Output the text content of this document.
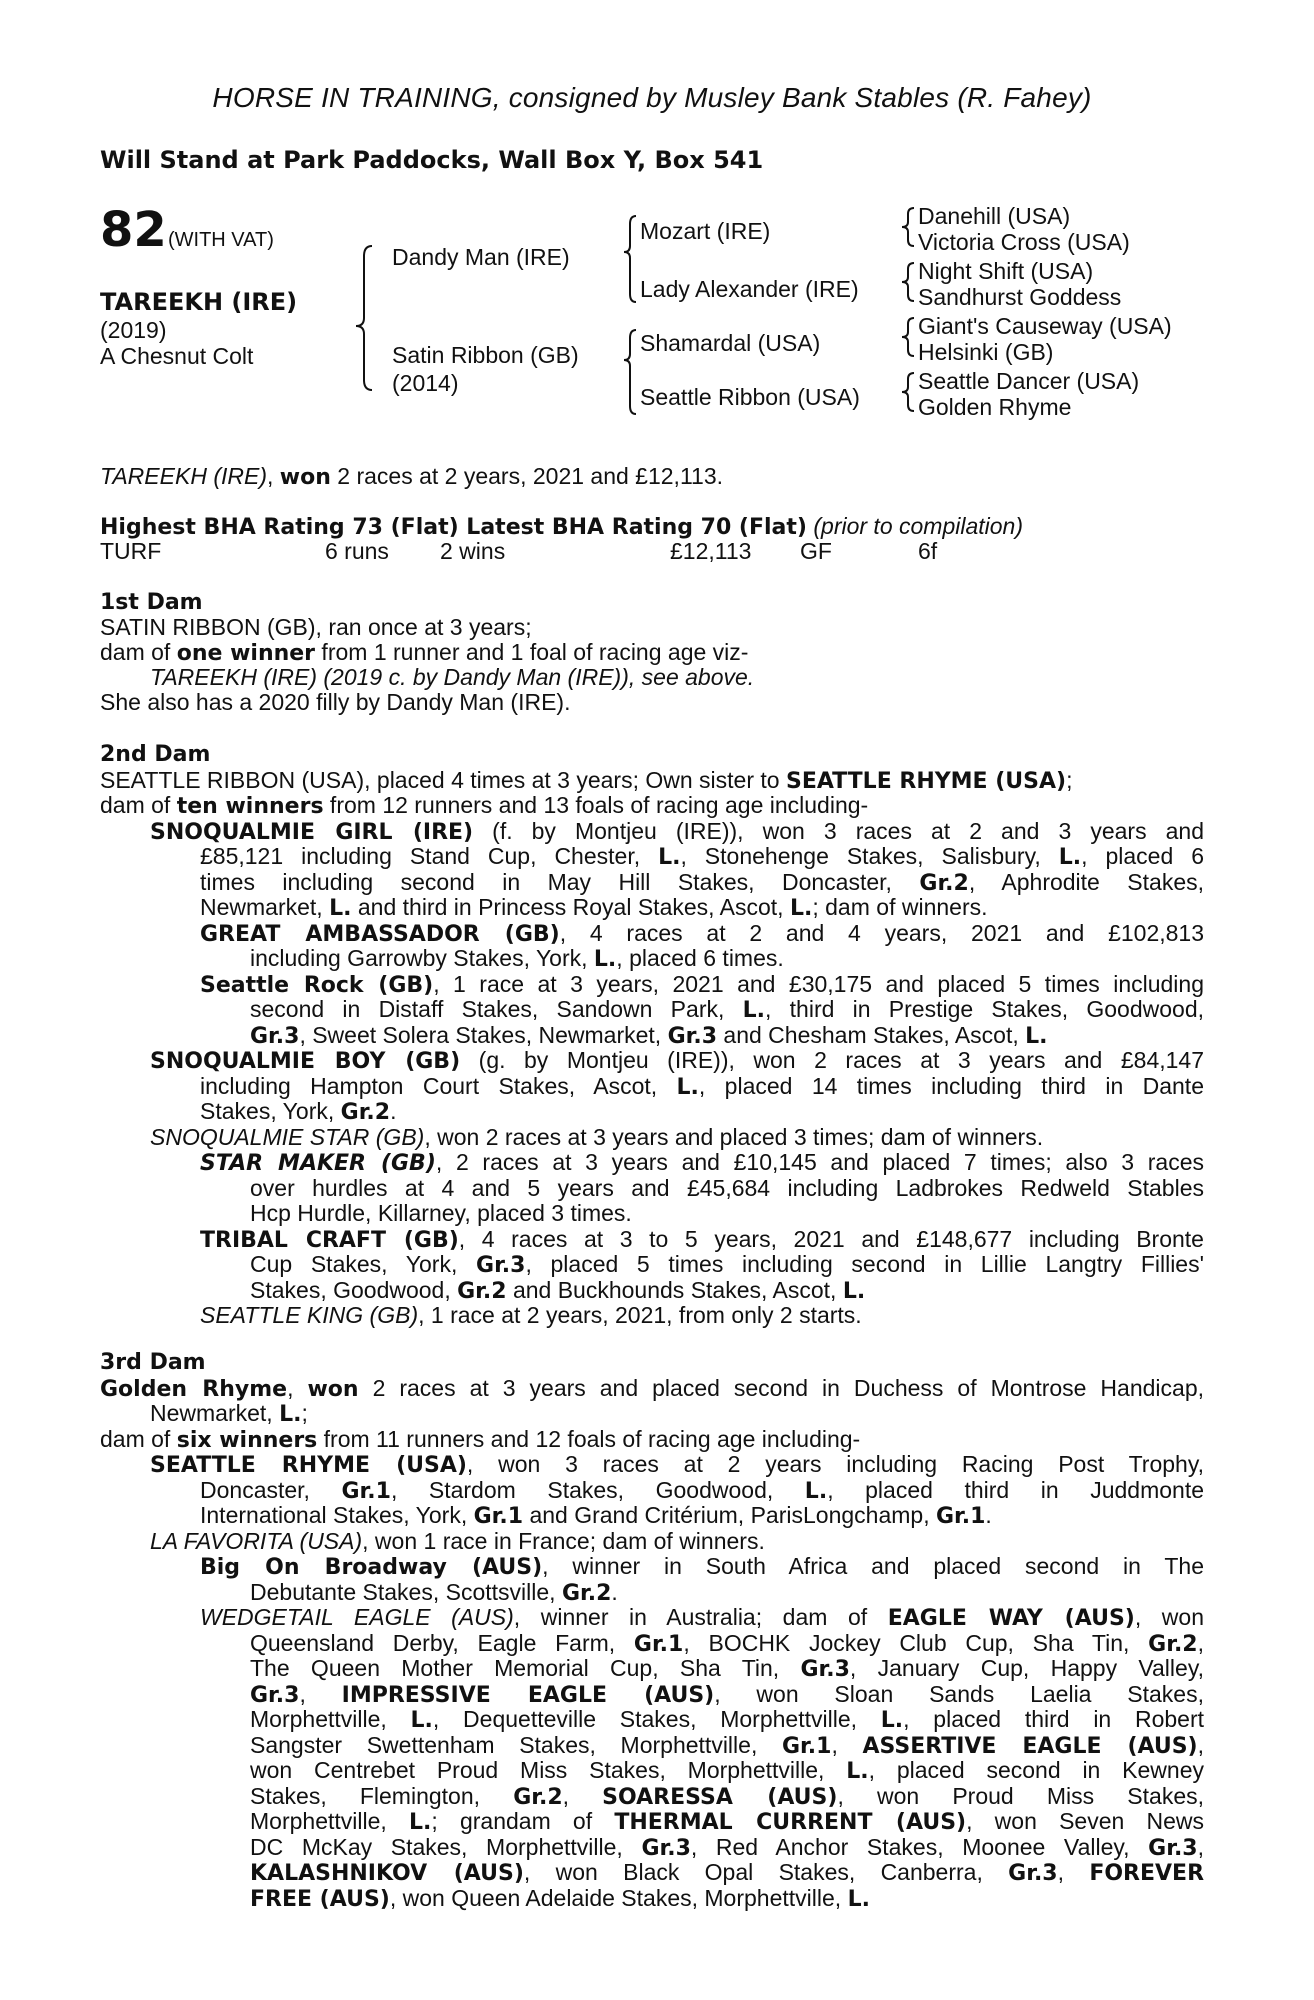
HORSE IN TRAINING, consigned by Musley Bank Stables (R. Fahey)
Will Stand at Park Paddocks, Wall Box Y, Box 541
82 (WITH VAT)
TAREEKH (IRE)
(2019)
A Chesnut Colt
Dandy Man (IRE)
Satin Ribbon (GB)
(2014)
Mozart (IRE)
Lady Alexander (IRE)
Shamardal (USA)
Seattle Ribbon (USA)
Danehill (USA)
Victoria Cross (USA)
Night Shift (USA)
Sandhurst Goddess
Giant's Causeway (USA)
Helsinki (GB)
Seattle Dancer (USA)
Golden Rhyme
TAREEKH (IRE), won 2 races at 2 years, 2021 and £12,113.
Highest BHA Rating 73 (Flat) Latest BHA Rating 70 (Flat) (prior to compilation)
TURF	6 runs 2 wins	£12,113 GF	6f
1st Dam
SATIN RIBBON (GB), ran once at 3 years;
dam of one winner from 1 runner and 1 foal of racing age viz-
TAREEKH (IRE) (2019 c. by Dandy Man (IRE)), see above.
She also has a 2020 filly by Dandy Man (IRE).
2nd Dam
SEATTLE RIBBON (USA), placed 4 times at 3 years; Own sister to SEATTLE RHYME (USA);
dam of ten winners from 12 runners and 13 foals of racing age including-
SNOQUALMIE GIRL (IRE) (f. by Montjeu (IRE)), won 3 races at 2 and 3 years and
£85,121 including Stand Cup, Chester, L., Stonehenge Stakes, Salisbury, L., placed 6
times including second in May Hill Stakes, Doncaster, Gr.2, Aphrodite Stakes,
Newmarket, L. and third in Princess Royal Stakes, Ascot, L.; dam of winners.
GREAT AMBASSADOR (GB), 4 races at 2 and 4 years, 2021 and £102,813
including Garrowby Stakes, York, L., placed 6 times.
Seattle Rock (GB), 1 race at 3 years, 2021 and £30,175 and placed 5 times including
second in Distaff Stakes, Sandown Park, L., third in Prestige Stakes, Goodwood,
Gr.3, Sweet Solera Stakes, Newmarket, Gr.3 and Chesham Stakes, Ascot, L.
SNOQUALMIE BOY (GB) (g. by Montjeu (IRE)), won 2 races at 3 years and £84,147
including Hampton Court Stakes, Ascot, L., placed 14 times including third in Dante
Stakes, York, Gr.2.
SNOQUALMIE STAR (GB), won 2 races at 3 years and placed 3 times; dam of winners.
STAR MAKER (GB), 2 races at 3 years and £10,145 and placed 7 times; also 3 races
over hurdles at 4 and 5 years and £45,684 including Ladbrokes Redweld Stables
Hcp Hurdle, Killarney, placed 3 times.
TRIBAL CRAFT (GB), 4 races at 3 to 5 years, 2021 and £148,677 including Bronte
Cup Stakes, York, Gr.3, placed 5 times including second in Lillie Langtry Fillies'
Stakes, Goodwood, Gr.2 and Buckhounds Stakes, Ascot, L.
SEATTLE KING (GB), 1 race at 2 years, 2021, from only 2 starts.
3rd Dam
Golden Rhyme, won 2 races at 3 years and placed second in Duchess of Montrose Handicap,
Newmarket, L.;
dam of six winners from 11 runners and 12 foals of racing age including-
SEATTLE RHYME (USA), won 3 races at 2 years including Racing Post Trophy,
Doncaster, Gr.1, Stardom Stakes, Goodwood, L., placed third in Juddmonte
International Stakes, York, Gr.1 and Grand Critérium, ParisLongchamp, Gr.1.
LA FAVORITA (USA), won 1 race in France; dam of winners.
Big On Broadway (AUS), winner in South Africa and placed second in The
Debutante Stakes, Scottsville, Gr.2.
WEDGETAIL EAGLE (AUS), winner in Australia; dam of EAGLE WAY (AUS), won
Queensland Derby, Eagle Farm, Gr.1, BOCHK Jockey Club Cup, Sha Tin, Gr.2,
The Queen Mother Memorial Cup, Sha Tin, Gr.3, January Cup, Happy Valley,
Gr.3, IMPRESSIVE EAGLE (AUS), won Sloan Sands Laelia Stakes,
Morphettville, L., Dequetteville Stakes, Morphettville, L., placed third in Robert
Sangster Swettenham Stakes, Morphettville, Gr.1, ASSERTIVE EAGLE (AUS),
won Centrebet Proud Miss Stakes, Morphettville, L., placed second in Kewney
Stakes, Flemington, Gr.2, SOARESSA (AUS), won Proud Miss Stakes,
Morphettville, L.; grandam of THERMAL CURRENT (AUS), won Seven News
DC McKay Stakes, Morphettville, Gr.3, Red Anchor Stakes, Moonee Valley, Gr.3,
KALASHNIKOV (AUS), won Black Opal Stakes, Canberra, Gr.3, FOREVER
FREE (AUS), won Queen Adelaide Stakes, Morphettville, L.
